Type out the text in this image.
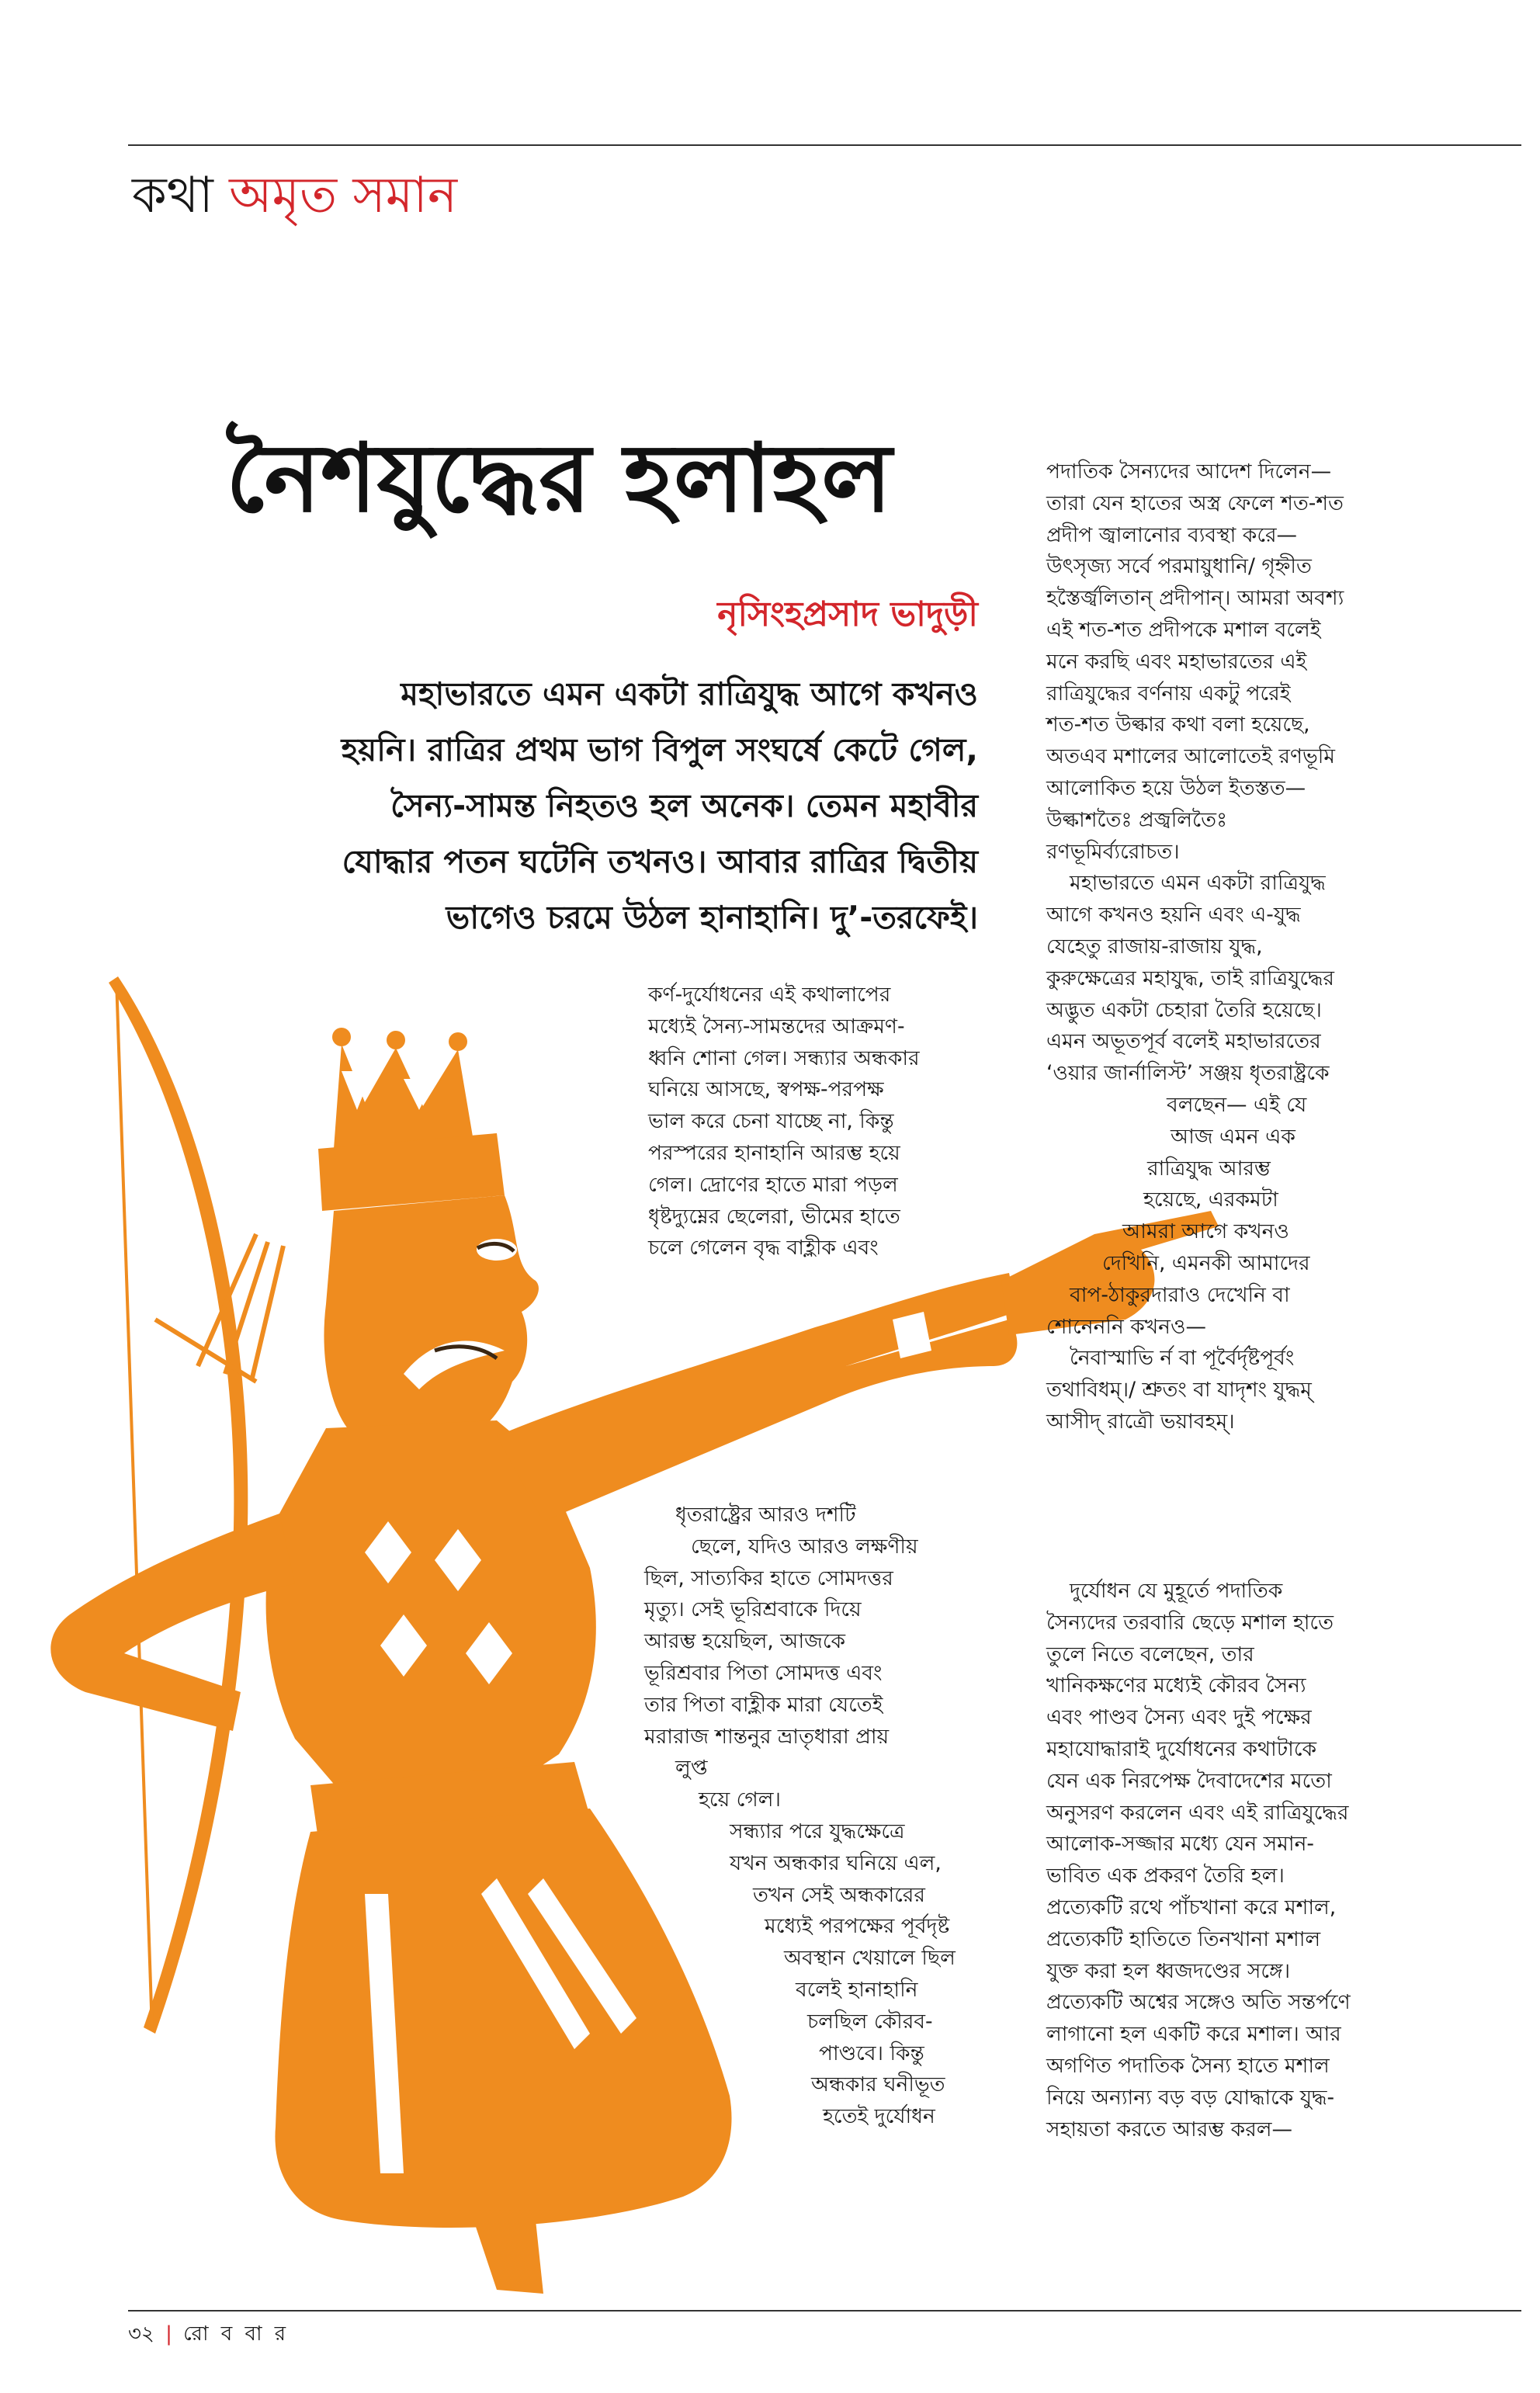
কথা অমৃত সমান
নৈশযুদ্ধের হলাহল
নৃসিংহপ্রসাদ ভাদুড়ী
মহাভারতে এমন একটা রাত্রিযুদ্ধ আগে কখনও
হয়নি। রাত্রির প্রথম ভাগ বিপুল সংঘর্ষে কেটে গেল,
সৈন্য-সামন্ত নিহতও হল অনেক। তেমন মহাবীর
যোদ্ধার পতন ঘটেনি তখনও। আবার রাত্রির দ্বিতীয়
ভাগেও চরমে উঠল হানাহানি। দু’-তরফেই।
কর্ণ-দুর্যোধনের এই কথালাপের
মধ্যেই সৈন্য-সামন্তদের আক্রমণ-
ধ্বনি শোনা গেল। সন্ধ্যার অন্ধকার
ঘনিয়ে আসছে, স্বপক্ষ-পরপক্ষ
ভাল করে চেনা যাচ্ছে না, কিন্তু
পরস্পরের হানাহানি আরম্ভ হয়ে
গেল। দ্রোণের হাতে মারা পড়ল
ধৃষ্টদ্যুম্নের ছেলেরা, ভীমের হাতে
চলে গেলেন বৃদ্ধ বাহ্লীক এবং
ধৃতরাষ্ট্রের আরও দশটি
ছেলে, যদিও আরও লক্ষণীয়
ছিল, সাত্যকির হাতে সোমদত্তর
মৃত্যু। সেই ভূরিশ্রবাকে দিয়ে
আরম্ভ হয়েছিল, আজকে
ভূরিশ্রবার পিতা সোমদত্ত এবং
তার পিতা বাহ্লীক মারা যেতেই
মরারাজ শান্তনুর ভ্রাতৃধারা প্রায়
লুপ্ত
হয়ে গেল।
সন্ধ্যার পরে যুদ্ধক্ষেত্রে
যখন অন্ধকার ঘনিয়ে এল,
তখন সেই অন্ধকারের
মধ্যেই পরপক্ষের পূর্বদৃষ্ট
অবস্থান খেয়ালে ছিল
বলেই হানাহানি
চলছিল কৌরব-
পাণ্ডবে। কিন্তু
অন্ধকার ঘনীভূত
হতেই দুর্যোধন
পদাতিক সৈন্যদের আদেশ দিলেন—
তারা যেন হাতের অস্ত্র ফেলে শত-শত
প্রদীপ জ্বালানোর ব্যবস্থা করে—
উৎসৃজ্য সর্বে পরমায়ুধানি/ গৃহ্নীত
হস্তৈর্জ্বলিতান্‌ প্রদীপান্‌। আমরা অবশ্য
এই শত-শত প্রদীপকে মশাল বলেই
মনে করছি এবং মহাভারতের এই
রাত্রিযুদ্ধের বর্ণনায় একটু পরেই
শত-শত উল্কার কথা বলা হয়েছে,
অতএব মশালের আলোতেই রণভূমি
আলোকিত হয়ে উঠল ইতস্তত—
উল্কাশতৈঃ প্রজ্বলিতৈঃ
রণভূমির্ব্যরোচত।
মহাভারতে এমন একটা রাত্রিযুদ্ধ
আগে কখনও হয়নি এবং এ-যুদ্ধ
যেহেতু রাজায়-রাজায় যুদ্ধ,
কুরুক্ষেত্রের মহাযুদ্ধ, তাই রাত্রিযুদ্ধের
অদ্ভুত একটা চেহারা তৈরি হয়েছে।
এমন অভূতপূর্ব বলেই মহাভারতের
‘ওয়ার জার্নালিস্ট’ সঞ্জয় ধৃতরাষ্ট্রকে
বলছেন— এই যে
আজ এমন এক
রাত্রিযুদ্ধ আরম্ভ
হয়েছে, এরকমটা
আমরা আগে কখনও
দেখিনি, এমনকী আমাদের
বাপ-ঠাকুরদারাও দেখেনি বা
শোনেননি কখনও—
নৈবাস্মাভি র্ন বা পূর্বৈর্দৃষ্টপূর্বং
তথাবিধম্‌।/ শ্রুতং বা যাদৃশং যুদ্ধম্‌
আসীদ্‌ রাত্রৌ ভয়াবহম্‌।
দুর্যোধন যে মুহূর্তে পদাতিক
সৈন্যদের তরবারি ছেড়ে মশাল হাতে
তুলে নিতে বলেছেন, তার
খানিকক্ষণের মধ্যেই কৌরব সৈন্য
এবং পাণ্ডব সৈন্য এবং দুই পক্ষের
মহাযোদ্ধারাই দুর্যোধনের কথাটাকে
যেন এক নিরপেক্ষ দৈবাদেশের মতো
অনুসরণ করলেন এবং এই রাত্রিযুদ্ধের
আলোক-সজ্জার মধ্যে যেন সমান-
ভাবিত এক প্রকরণ তৈরি হল।
প্রত্যেকটি রথে পাঁচখানা করে মশাল,
প্রত্যেকটি হাতিতে তিনখানা মশাল
যুক্ত করা হল ধ্বজদণ্ডের সঙ্গে।
প্রত্যেকটি অশ্বের সঙ্গেও অতি সন্তর্পণে
লাগানো হল একটি করে মশাল। আর
অগণিত পদাতিক সৈন্য হাতে মশাল
নিয়ে অন্যান্য বড় বড় যোদ্ধাকে যুদ্ধ-
সহায়তা করতে আরম্ভ করল—
৩২ | রো ব বা র
